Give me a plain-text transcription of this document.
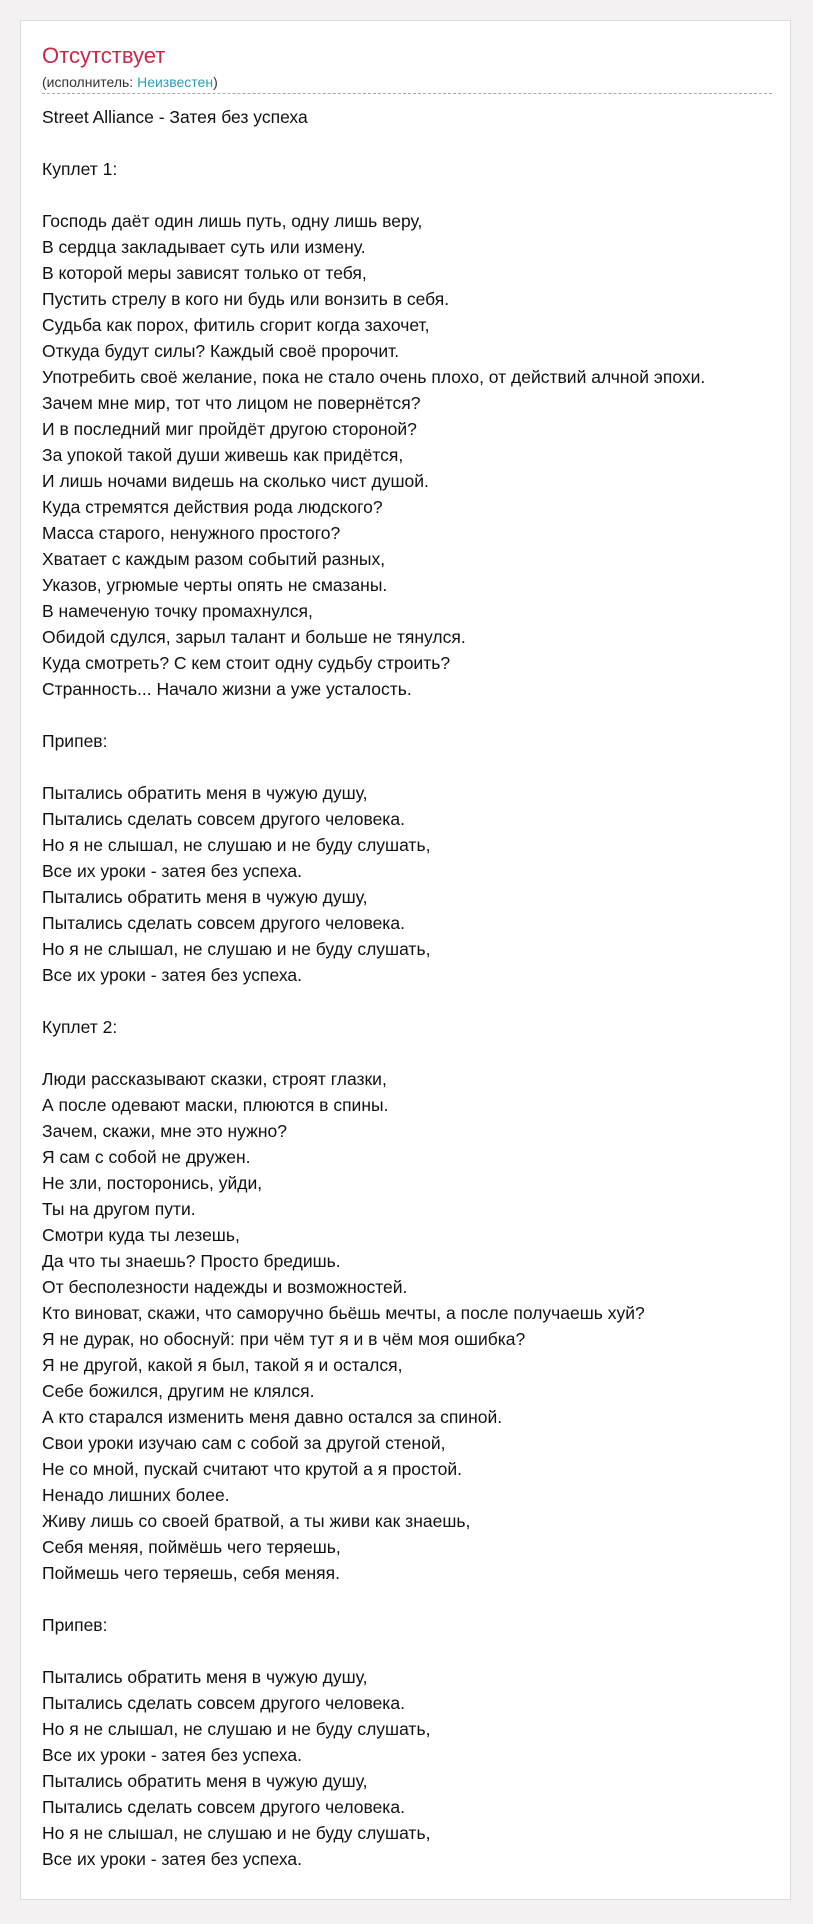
Отсутствует
(исполнитель: Неизвестен)
Street Alliance - Затея без успеха
Куплет 1:
Господь даёт один лишь путь, одну лишь веру,
В сердца закладывает суть или измену.
В которой меры зависят только от тебя,
Пустить стрелу в кого ни будь или вонзить в себя.
Судьба как порох, фитиль сгорит когда захочет,
Откуда будут силы? Каждый своё пророчит.
Употребить своё желание, пока не стало очень плохо, от действий алчной эпохи.
Зачем мне мир, тот что лицом не повернётся?
И в последний миг пройдёт другою стороной?
За упокой такой души живешь как придётся,
И лишь ночами видешь на сколько чист душой.
Куда стремятся действия рода людского?
Масса старого, ненужного простого?
Хватает с каждым разом событий разных,
Указов, угрюмые черты опять не смазаны.
В намеченую точку промахнулся,
Обидой сдулся, зарыл талант и больше не тянулся.
Куда смотреть? С кем стоит одну судьбу строить?
Странность... Начало жизни а уже усталость.
Припев:
Пытались обратить меня в чужую душу,
Пытались сделать совсем другого человека.
Но я не слышал, не слушаю и не буду слушать,
Все их уроки - затея без успеха.
Пытались обратить меня в чужую душу,
Пытались сделать совсем другого человека.
Но я не слышал, не слушаю и не буду слушать,
Все их уроки - затея без успеха.
Куплет 2:
Люди рассказывают сказки, строят глазки,
А после одевают маски, плюются в спины.
Зачем, скажи, мне это нужно?
Я сам с собой не дружен.
Не зли, посторонись, уйди,
Ты на другом пути.
Смотри куда ты лезешь,
Да что ты знаешь? Просто бредишь.
От бесполезности надежды и возможностей.
Кто виноват, скажи, что саморучно бьёшь мечты, а после получаешь хуй?
Я не дурак, но обоснуй: при чём тут я и в чём моя ошибка?
Я не другой, какой я был, такой я и остался,
Себе божился, другим не клялся.
А кто старался изменить меня давно остался за спиной.
Свои уроки изучаю сам с собой за другой стеной,
Не со мной, пускай считают что крутой а я простой.
Ненадо лишних более.
Живу лишь со своей братвой, а ты живи как знаешь,
Себя меняя, поймёшь чего теряешь,
Поймешь чего теряешь, себя меняя.
Припев:
Пытались обратить меня в чужую душу,
Пытались сделать совсем другого человека.
Но я не слышал, не слушаю и не буду слушать,
Все их уроки - затея без успеха.
Пытались обратить меня в чужую душу,
Пытались сделать совсем другого человека.
Но я не слышал, не слушаю и не буду слушать,
Все их уроки - затея без успеха.
